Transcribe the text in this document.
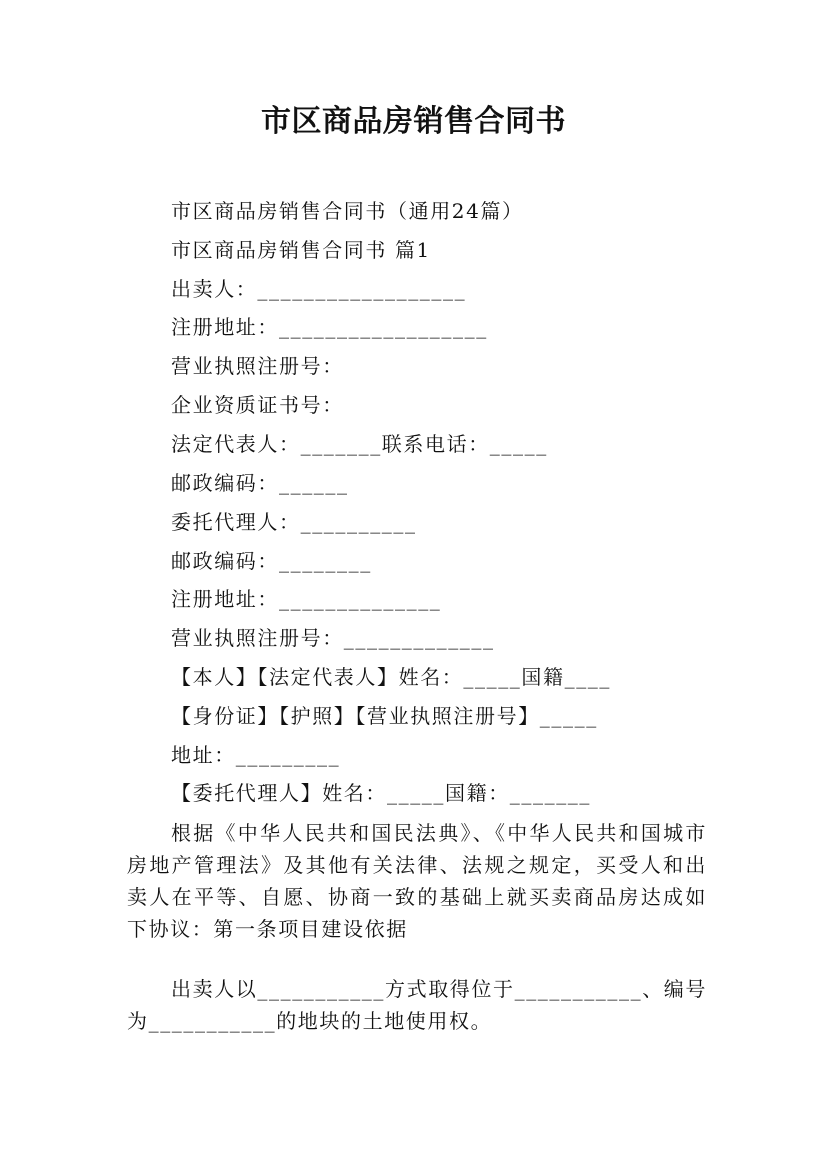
市区商品房销售合同书
市区商品房销售合同书（通用24篇）
市区商品房销售合同书 篇1
出卖人：__________________
注册地址：__________________
营业执照注册号：
企业资质证书号：
法定代表人：_______联系电话：_____
邮政编码：______
委托代理人：__________
邮政编码：________
注册地址：______________
营业执照注册号：_____________
【本人】【法定代表人】姓名：_____国籍____
【身份证】【护照】【营业执照注册号】_____
地址：_________
【委托代理人】姓名：_____国籍：_______
根据《中华人民共和国民法典》、《中华人民共和国城市房地产管理法》及其他有关法律、法规之规定，买受人和出卖人在平等、自愿、协商一致的基础上就买卖商品房达成如下协议：第一条项目建设依据
出卖人以___________方式取得位于___________、编号为___________的地块的土地使用权。
